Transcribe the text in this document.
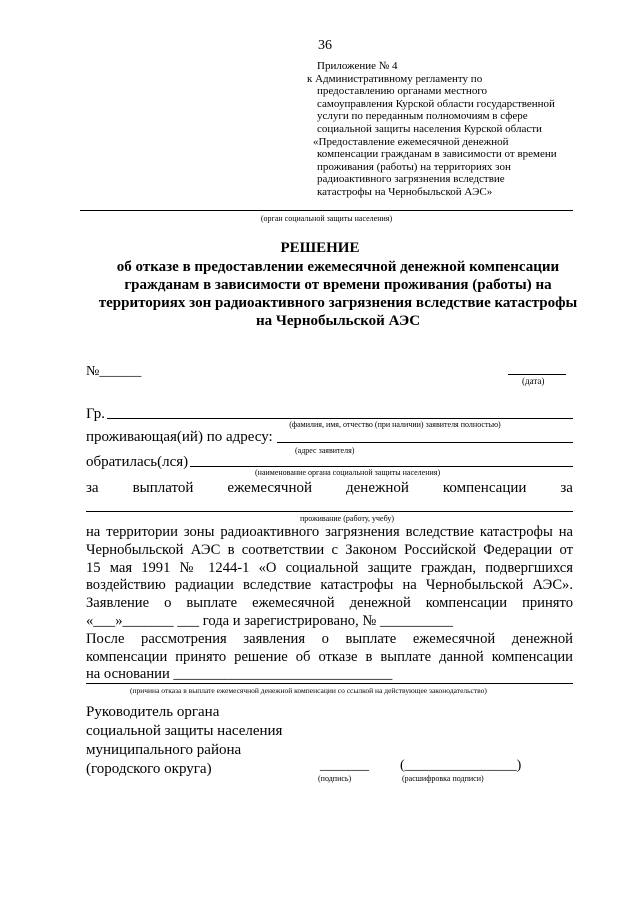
36
Приложение № 4
к Административному регламенту по
предоставлению органами местного
самоуправления Курской области государственной
услуги по переданным полномочиям в сфере
социальной защиты населения Курской области
«Предоставление ежемесячной денежной
компенсации гражданам в зависимости от времени
проживания (работы) на территориях зон
радиоактивного загрязнения вследствие
катастрофы на Чернобыльской АЭС»
(орган социальной защиты населения)
РЕШЕНИЕ
об отказе в предоставлении ежемесячной денежной компенсации
гражданам в зависимости от времени проживания (работы) на
территориях зон радиоактивного загрязнения вследствие катастрофы
на Чернобыльской АЭС
№______
(дата)
Гр.
(фамилия, имя, отчество (при наличии) заявителя полностью)
проживающая(ий) по адресу:
(адрес заявителя)
обратилась(лся)
(наименование органа социальной защиты населения)
за выплатой ежемесячной денежной компенсации за
проживание (работу, учебу)
на территории зоны радиоактивного загрязнения вследствие катастрофы на
Чернобыльской АЭС в соответствии с Законом Российской Федерации от
15 мая 1991 № 1244-1 «О социальной защите граждан, подвергшихся
воздействию радиации вследствие катастрофы на Чернобыльской АЭС».
Заявление о выплате ежемесячной денежной компенсации принято
«___»_______ ___ года и зарегистрировано, № __________
После рассмотрения заявления о выплате ежемесячной денежной
компенсации принято решение об отказе в выплате данной компенсации
на основании ______________________________
(причина отказа в выплате ежемесячной денежной компенсации со ссылкой на действующее законодательство)
Руководитель органа
социальной защиты населения
муниципального района
(городского округа)	_______
(подпись)
(________________)
(расшифровка подписи)
